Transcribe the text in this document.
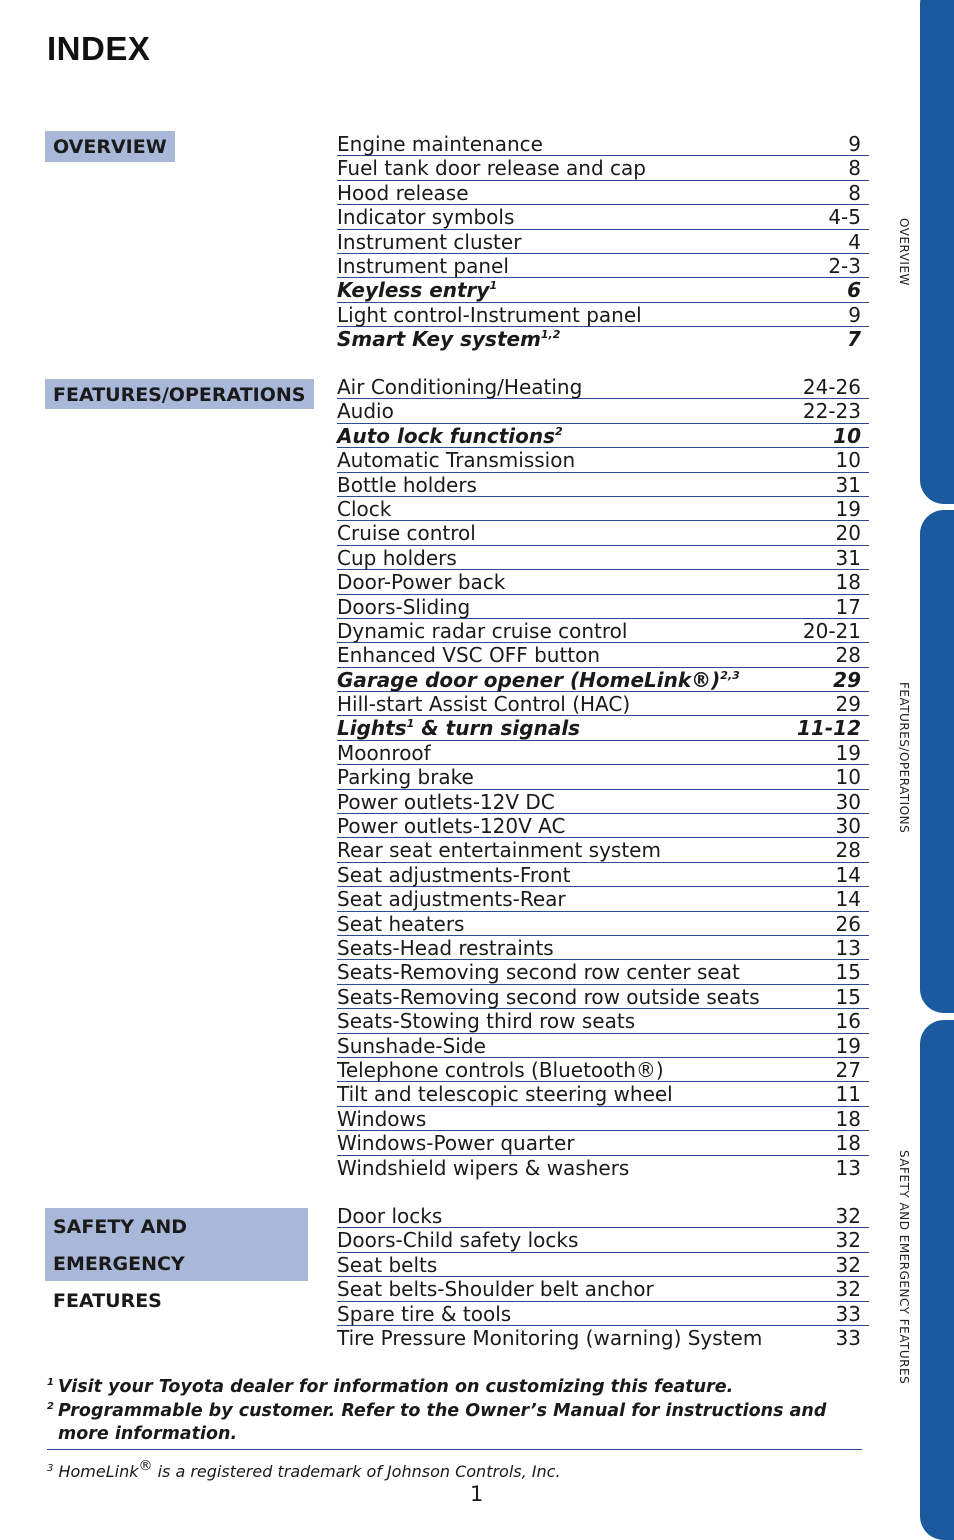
INDEX
OVERVIEW	Engine maintenance	9
Fuel tank door release and cap	8
Hood release	8
Indicator symbols	4-5
Instrument cluster	4
Instrument panel	2-3
Keyless entry$^1$	6
Light control-Instrument panel	9
Smart Key system$^{1,2}$	7
FEATURES/OPERATIONS Air Conditioning/Heating	24-26
Audio	22-23
Auto lock functions$^2$	10
Automatic Transmission	10
Bottle holders	31
Clock	19
Cruise control	20
Cup holders	31
Door-Power back	18
Doors-Sliding	17
Dynamic radar cruise control	20-21
Enhanced VSC OFF button	28
Garage door opener (HomeLink®)$^{2,3}$	29
Hill-start Assist Control (HAC)	29
Lights$^1$ & turn signals	11-12
Moonroof	19
Parking brake	10
Power outlets-12V DC	30
Power outlets-120V AC	30
Rear seat entertainment system	28
Seat adjustments-Front	14
Seat adjustments-Rear	14
Seat heaters	26
Seats-Head restraints	13
Seats-Removing second row center seat	15
Seats-Removing second row outside seats	15
Seats-Stowing third row seats	16
Sunshade-Side	19
Telephone controls (Bluetooth®)	27
Tilt and telescopic steering wheel	11
Windows	18
Windows-Power quarter	18
Windshield wipers & washers	13
SAFETY AND
EMERGENCY FEATURES
Door locks	32
Doors-Child safety locks	32
Seat belts	32
Seat belts-Shoulder belt anchor	32
Spare tire & tools	33
Tire Pressure Monitoring (warning) System	33
1 Visit your Toyota dealer for information on customizing this feature.
2 Programmable by customer. Refer to the Owner’s Manual for instructions and more information.
$^3$ HomeLink® is a registered trademark of Johnson Controls, Inc.
1
OVERVIEW
FEATURES/OPERATIONS
SAFETY AND EMERGENCY FEATURES
